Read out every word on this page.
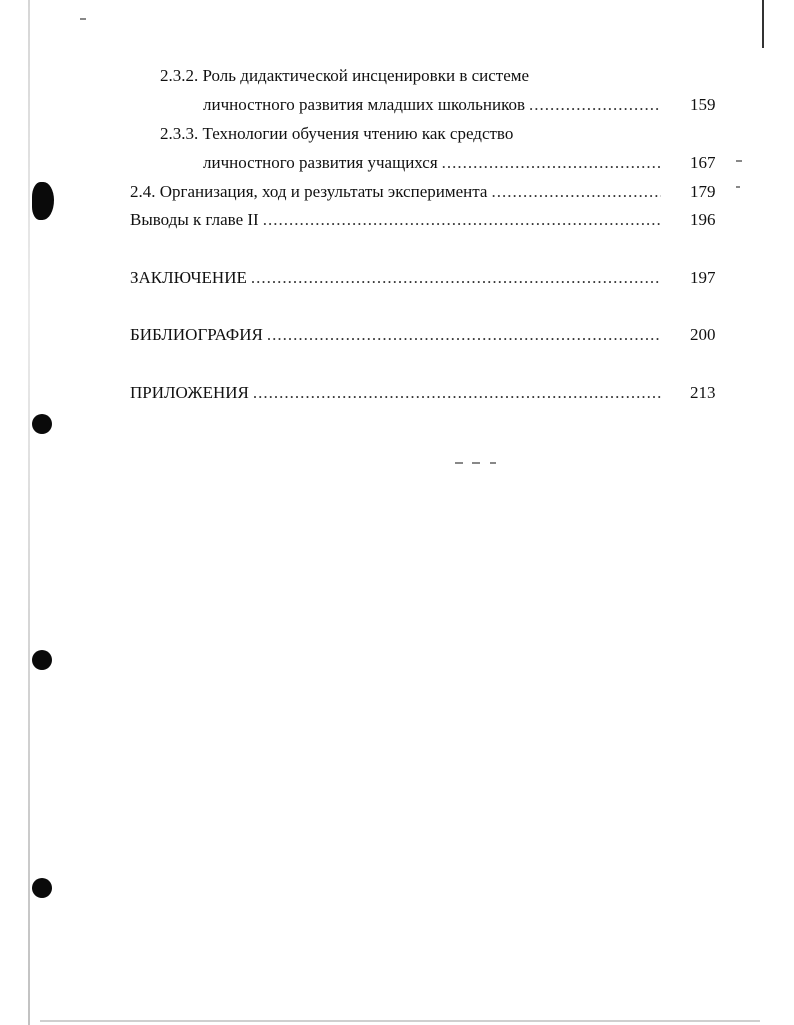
2.3.2. Роль дидактической инсценировки в системе
личностного развития младших школьников .....	159
2.3.3. Технологии обучения чтению как средство
личностного развития учащихся .....	167
2.4. Организация, ход и результаты эксперимента .....	179
Выводы к главе II .....	196
ЗАКЛЮЧЕНИЕ .....	197
БИБЛИОГРАФИЯ .....	200
ПРИЛОЖЕНИЯ .....	213
